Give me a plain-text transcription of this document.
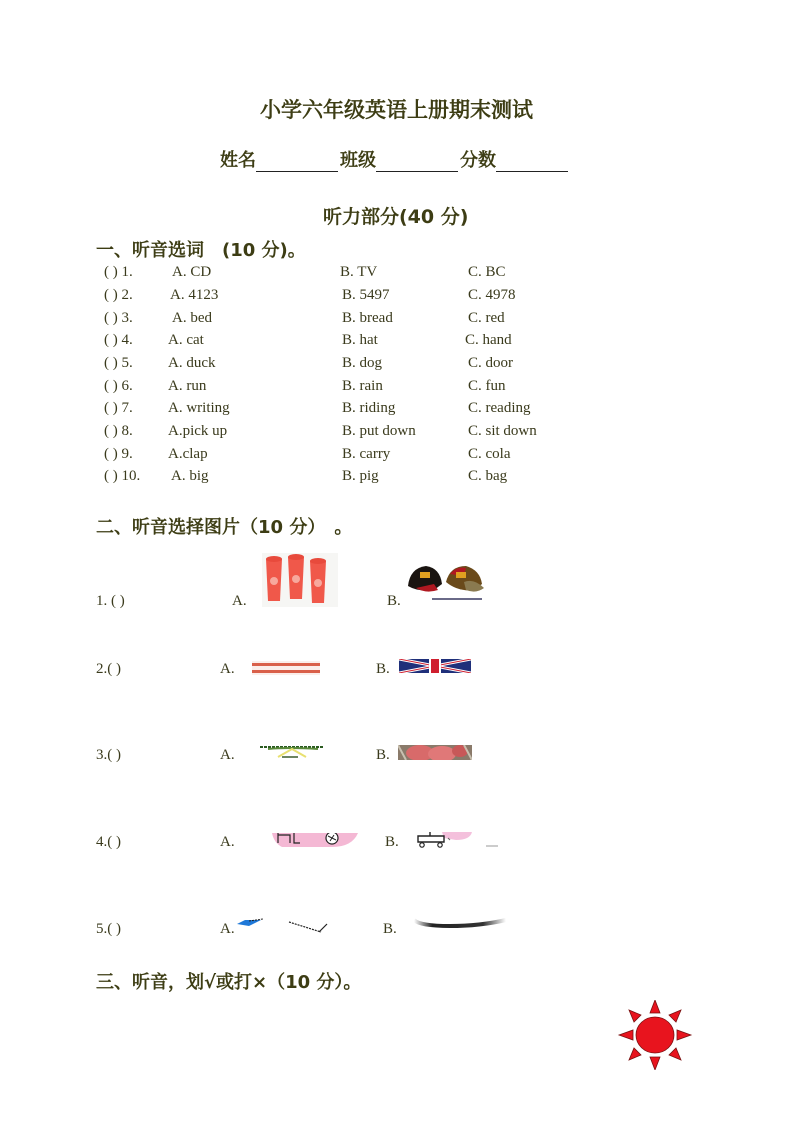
小学六年级英语上册期末测试
姓名	班级	分数
听力部分(40 分)
一、听音选词　(10 分)。
( ) 1.	A. CD	B. TV	C. BC
( ) 2. A. 4123	B. 5497	C. 4978
( ) 3.	A. bed	B. bread	C. red
( ) 4. A. cat	B. hat	C. hand
( ) 5. A. duck	B. dog	C. door
( ) 6. A. run	B. rain	C. fun
( ) 7. A. writing	B. riding	C. reading
( ) 8. A.pick up	B. put down	C. sit down
( ) 9. A.clap	B. carry	C. cola
( ) 10. A. big	B. pig	C. bag
二、听音选择图片（10 分）　。
1. ( )	A.	B.
2.( )	A.	B.
3.( )	A.	B.
4.( )	A.	B.
5.( )	A.	B.
三、听音，划√或打×（10 分）。
